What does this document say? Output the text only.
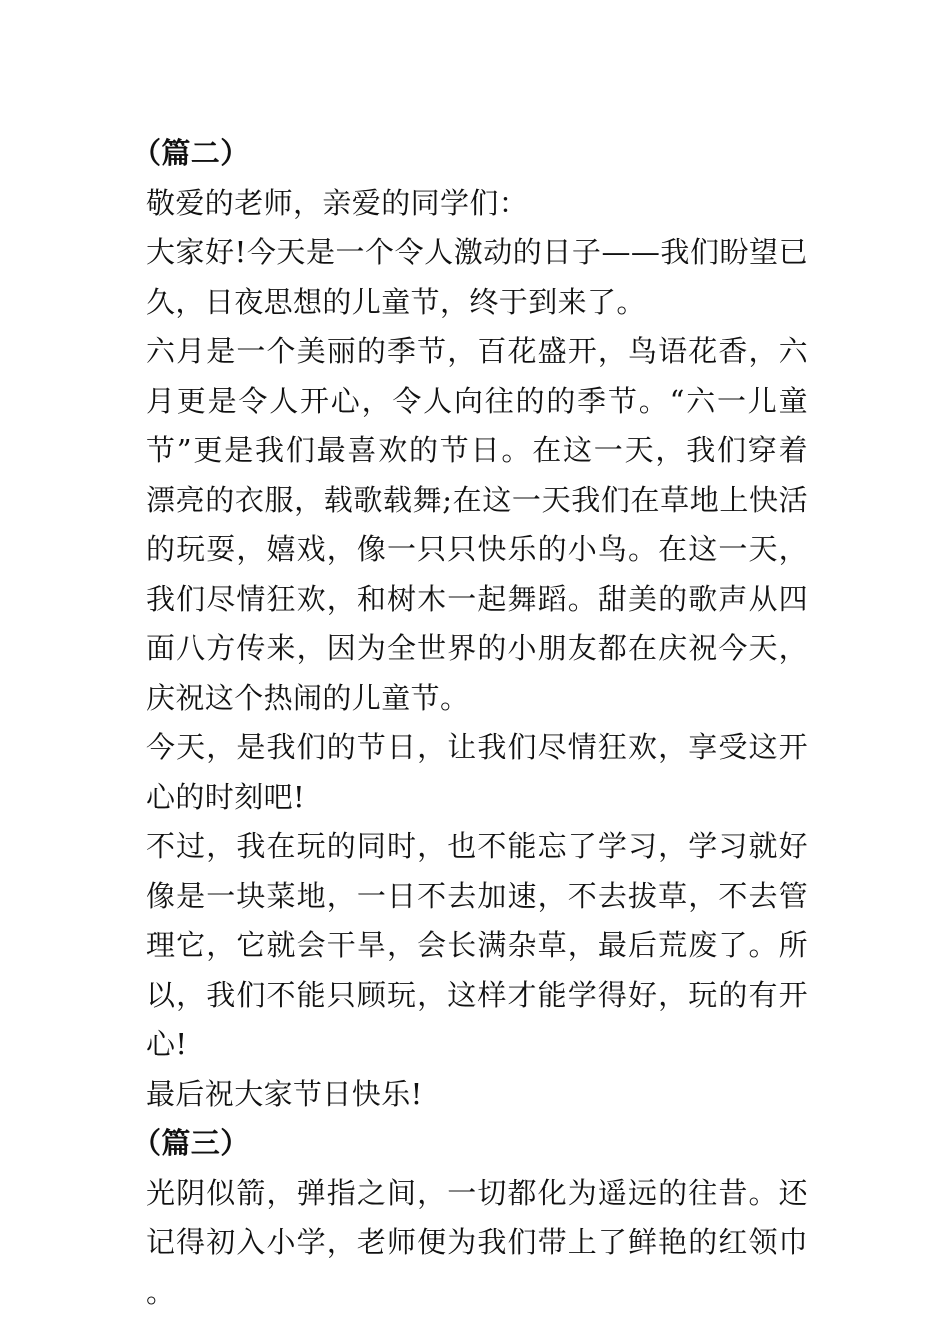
（篇二）

敬爱的老师，亲爱的同学们：

大家好!今天是一个令人激动的日子——我们盼望已久，日夜思想的儿童节，终于到来了。

六月是一个美丽的季节，百花盛开，鸟语花香，六月更是令人开心，令人向往的的季节。“六一儿童节”更是我们最喜欢的节日。在这一天，我们穿着漂亮的衣服，载歌载舞;在这一天我们在草地上快活的玩耍，嬉戏，像一只只快乐的小鸟。在这一天，我们尽情狂欢，和树木一起舞蹈。甜美的歌声从四面八方传来，因为全世界的小朋友都在庆祝今天，庆祝这个热闹的儿童节。

今天，是我们的节日，让我们尽情狂欢，享受这开心的时刻吧!

不过，我在玩的同时，也不能忘了学习，学习就好像是一块菜地，一日不去加速，不去拔草，不去管理它，它就会干旱，会长满杂草，最后荒废了。所以，我们不能只顾玩，这样才能学得好，玩的有开心!

最后祝大家节日快乐!

（篇三）

光阴似箭，弹指之间，一切都化为遥远的往昔。还记得初入小学，老师便为我们带上了鲜艳的红领巾。
